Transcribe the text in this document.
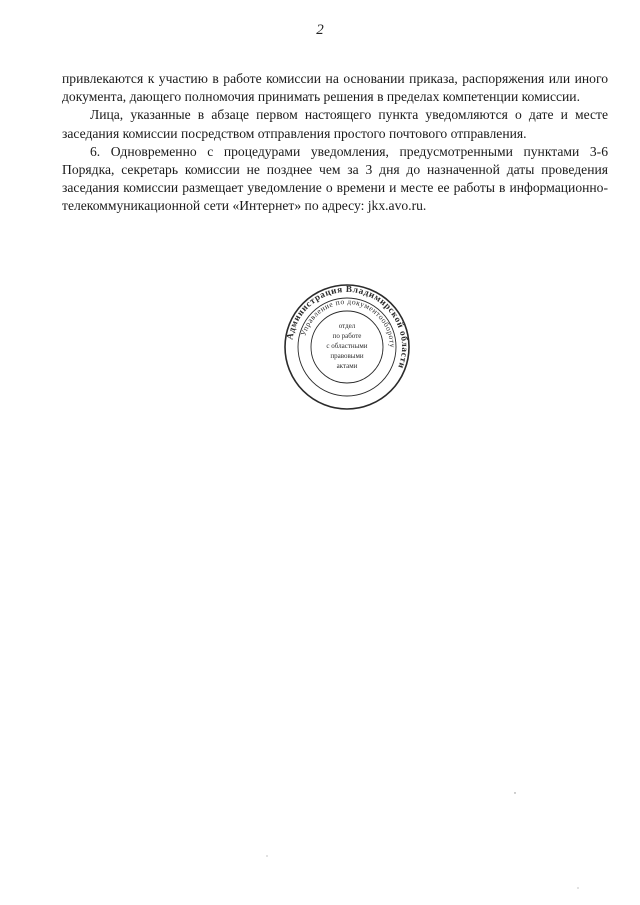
2

привлекаются к участию в работе комиссии на основании приказа, распоряжения или иного документа, дающего полномочия принимать решения в пределах компетенции комиссии.

Лица, указанные в абзаце первом настоящего пункта уведомляются о дате и месте заседания комиссии посредством отправления простого почтового отправления.

6. Одновременно с процедурами уведомления, предусмотренными пунктами 3-6 Порядка, секретарь комиссии не позднее чем за 3 дня до назначенной даты проведения заседания комиссии размещает уведомление о времени и месте ее работы в информационно-телекоммуникационной сети «Интернет» по адресу: jkx.avo.ru.

Администрация Владимирской области
Управление по документообороту
отдел
по работе
с областными
правовыми
актами
